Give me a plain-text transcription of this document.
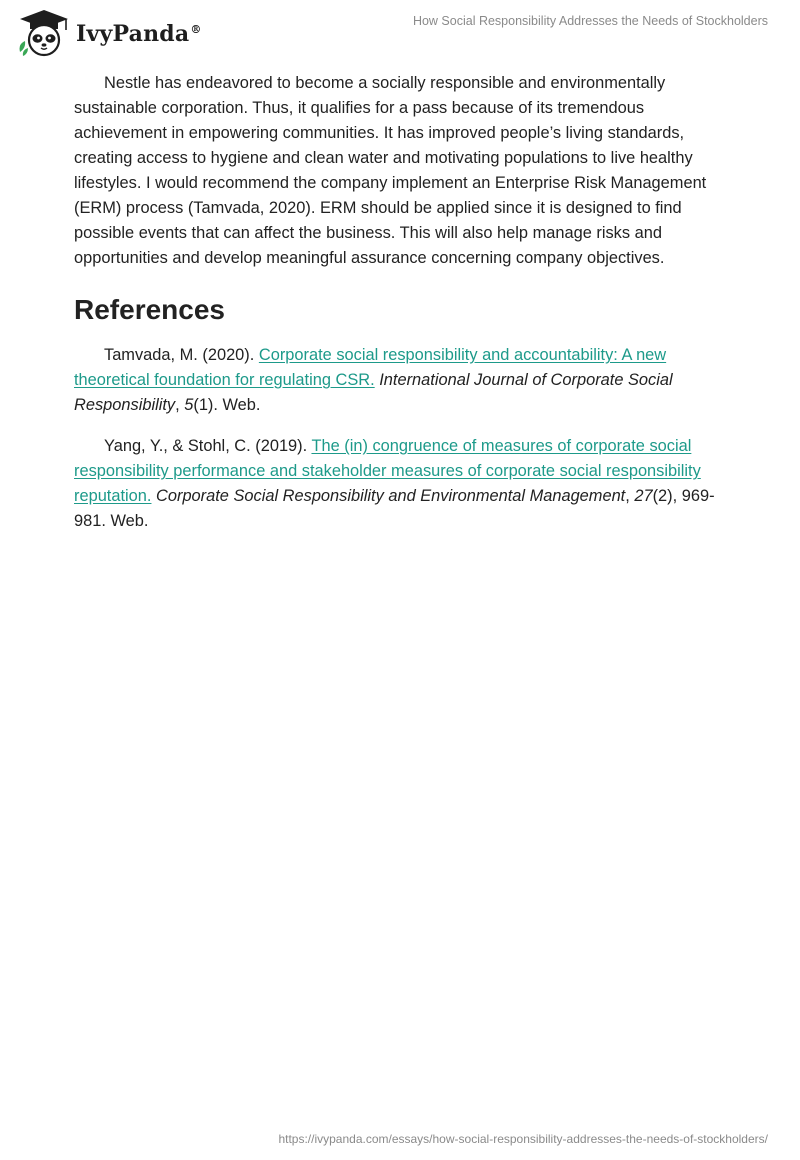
IvyPanda®
How Social Responsibility Addresses the Needs of Stockholders

Nestle has endeavored to become a socially responsible and environmentally sustainable corporation. Thus, it qualifies for a pass because of its tremendous achievement in empowering communities. It has improved people’s living standards, creating access to hygiene and clean water and motivating populations to live healthy lifestyles. I would recommend the company implement an Enterprise Risk Management (ERM) process (Tamvada, 2020). ERM should be applied since it is designed to find possible events that can affect the business. This will also help manage risks and opportunities and develop meaningful assurance concerning company objectives.

References

Tamvada, M. (2020). Corporate social responsibility and accountability: A new theoretical foundation for regulating CSR. International Journal of Corporate Social Responsibility, 5(1). Web.

Yang, Y., & Stohl, C. (2019). The (in) congruence of measures of corporate social responsibility performance and stakeholder measures of corporate social responsibility reputation. Corporate Social Responsibility and Environmental Management, 27(2), 969-981. Web.

https://ivypanda.com/essays/how-social-responsibility-addresses-the-needs-of-stockholders/
